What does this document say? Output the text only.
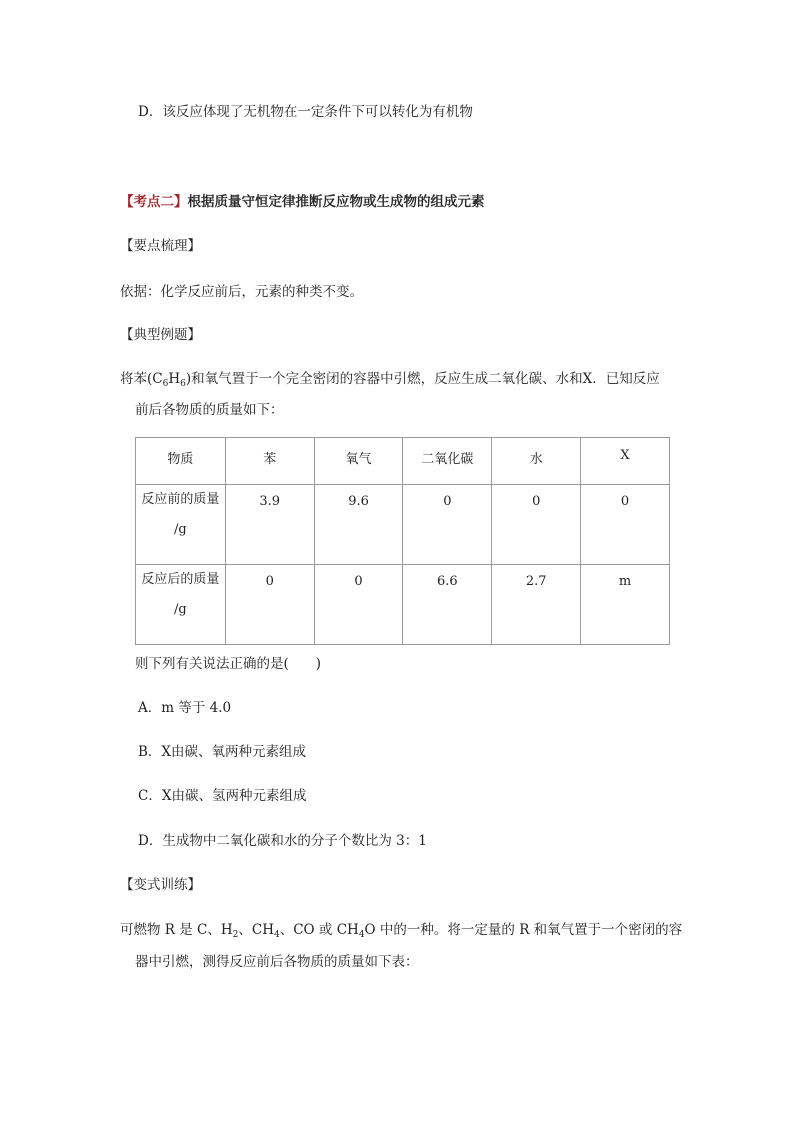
D．该反应体现了无机物在一定条件下可以转化为有机物
【考点二】根据质量守恒定律推断反应物或生成物的组成元素
【要点梳理】
依据：化学反应前后，元素的种类不变。
【典型例题】
将苯$(C_6H_6)$和氧气置于一个完全密闭的容器中引燃，反应生成二氧化碳、水和X．已知反应
前后各物质的质量如下：
物质	苯	氧气	二氧化碳	水	X

反应前的质量
/g	3.9	9.6	0	0	0

反应后的质量
/g	0	0	6.6	2.7	m
则下列有关说法正确的是(　　)
A．m 等于 4.0
B．X由碳、氧两种元素组成
C．X由碳、氢两种元素组成
D．生成物中二氧化碳和水的分子个数比为 3：1
【变式训练】
可燃物 R 是 C、$H_2$、$CH_4$、CO 或 $CH_4O$ 中的一种。将一定量的 R 和氧气置于一个密闭的容
器中引燃，测得反应前后各物质的质量如下表：
